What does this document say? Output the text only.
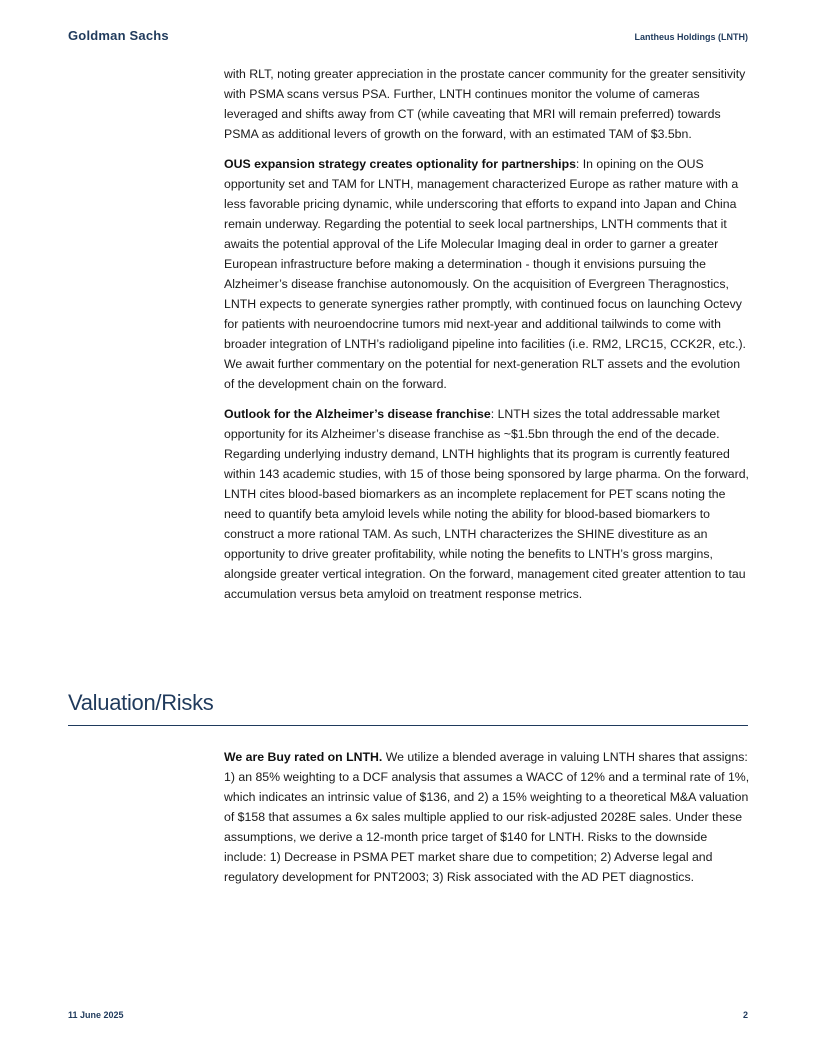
Goldman Sachs	Lantheus Holdings (LNTH)

with RLT, noting greater appreciation in the prostate cancer community for the greater sensitivity with PSMA scans versus PSA. Further, LNTH continues monitor the volume of cameras leveraged and shifts away from CT (while caveating that MRI will remain preferred) towards PSMA as additional levers of growth on the forward, with an estimated TAM of $3.5bn.

OUS expansion strategy creates optionality for partnerships: In opining on the OUS opportunity set and TAM for LNTH, management characterized Europe as rather mature with a less favorable pricing dynamic, while underscoring that efforts to expand into Japan and China remain underway. Regarding the potential to seek local partnerships, LNTH comments that it awaits the potential approval of the Life Molecular Imaging deal in order to garner a greater European infrastructure before making a determination - though it envisions pursuing the Alzheimer’s disease franchise autonomously. On the acquisition of Evergreen Theragnostics, LNTH expects to generate synergies rather promptly, with continued focus on launching Octevy for patients with neuroendocrine tumors mid next-year and additional tailwinds to come with broader integration of LNTH’s radioligand pipeline into facilities (i.e. RM2, LRC15, CCK2R, etc.). We await further commentary on the potential for next-generation RLT assets and the evolution of the development chain on the forward.

Outlook for the Alzheimer’s disease franchise: LNTH sizes the total addressable market opportunity for its Alzheimer’s disease franchise as ~$1.5bn through the end of the decade. Regarding underlying industry demand, LNTH highlights that its program is currently featured within 143 academic studies, with 15 of those being sponsored by large pharma. On the forward, LNTH cites blood-based biomarkers as an incomplete replacement for PET scans noting the need to quantify beta amyloid levels while noting the ability for blood-based biomarkers to construct a more rational TAM. As such, LNTH characterizes the SHINE divestiture as an opportunity to drive greater profitability, while noting the benefits to LNTH’s gross margins, alongside greater vertical integration. On the forward, management cited greater attention to tau accumulation versus beta amyloid on treatment response metrics.

Valuation/Risks

We are Buy rated on LNTH. We utilize a blended average in valuing LNTH shares that assigns: 1) an 85% weighting to a DCF analysis that assumes a WACC of 12% and a terminal rate of 1%, which indicates an intrinsic value of $136, and 2) a 15% weighting to a theoretical M&A valuation of $158 that assumes a 6x sales multiple applied to our risk-adjusted 2028E sales. Under these assumptions, we derive a 12-month price target of $140 for LNTH. Risks to the downside include: 1) Decrease in PSMA PET market share due to competition; 2) Adverse legal and regulatory development for PNT2003; 3) Risk associated with the AD PET diagnostics.

11 June 2025	2
